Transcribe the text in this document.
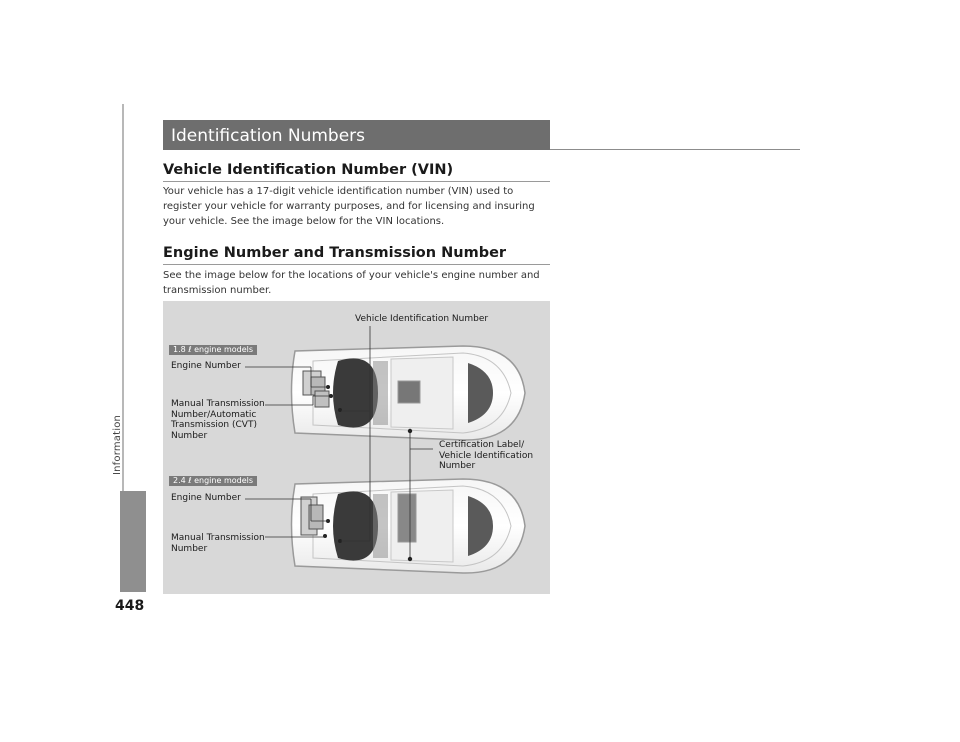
Information
448
Identification Numbers
Vehicle Identification Number (VIN)

Your vehicle has a 17-digit vehicle identification number (VIN) used to register your vehicle for warranty purposes, and for licensing and insuring your vehicle. See the image below for the VIN locations.

Engine Number and Transmission Number

See the image below for the locations of your vehicle's engine number and transmission number.

Vehicle Identification Number
1.8 ℓ engine models
Engine Number
Manual Transmission Number/Automatic Transmission (CVT) Number
Certification Label/ Vehicle Identification Number
2.4 ℓ engine models
Engine Number
Manual Transmission Number
